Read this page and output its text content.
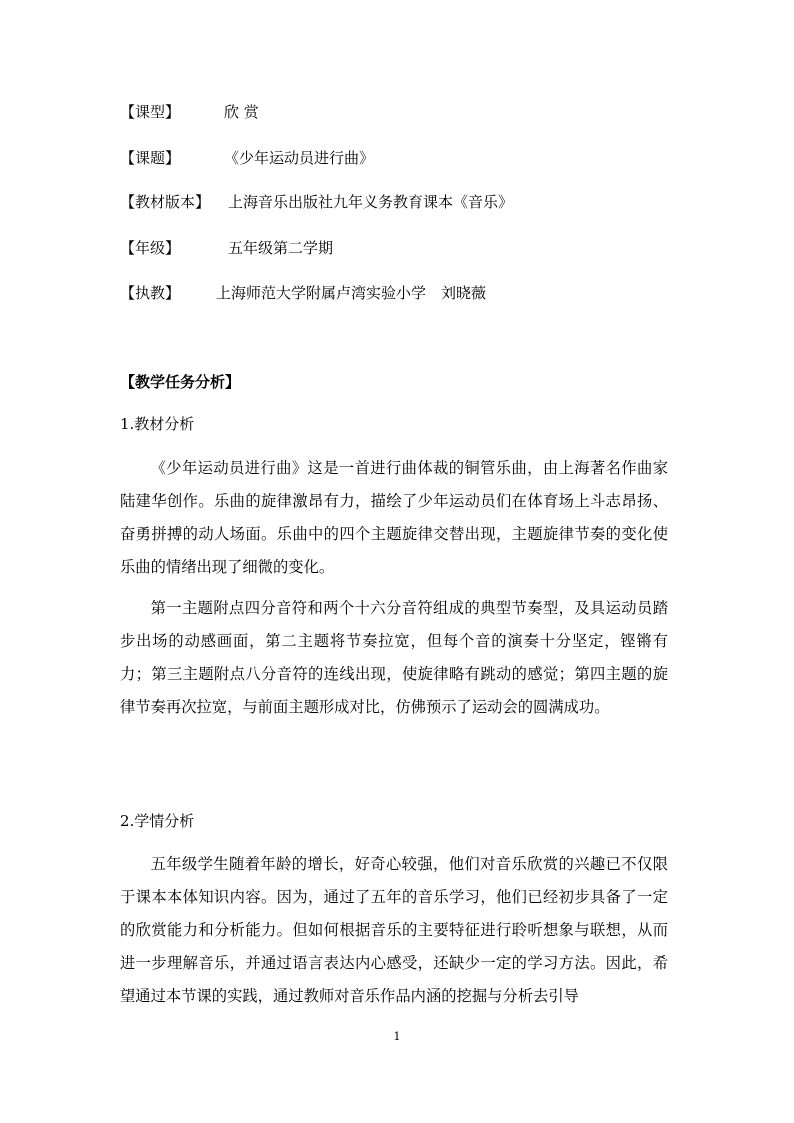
【课型】	欣 赏
【课题】	《少年运动员进行曲》
【教材版本】 上海音乐出版社九年义务教育课本《音乐》
【年级】	五年级第二学期
【执教】 上海师范大学附属卢湾实验小学　刘晓薇
【教学任务分析】
1.教材分析

《少年运动员进行曲》这是一首进行曲体裁的铜管乐曲，由上海著名作曲家陆建华创作。乐曲的旋律激昂有力，描绘了少年运动员们在体育场上斗志昂扬、奋勇拼搏的动人场面。乐曲中的四个主题旋律交替出现，主题旋律节奏的变化使乐曲的情绪出现了细微的变化。

第一主题附点四分音符和两个十六分音符组成的典型节奏型，及具运动员踏步出场的动感画面，第二主题将节奏拉宽，但每个音的演奏十分坚定，铿锵有力；第三主题附点八分音符的连线出现，使旋律略有跳动的感觉；第四主题的旋律节奏再次拉宽，与前面主题形成对比，仿佛预示了运动会的圆满成功。

2.学情分析

五年级学生随着年龄的增长，好奇心较强，他们对音乐欣赏的兴趣已不仅限于课本本体知识内容。因为，通过了五年的音乐学习，他们已经初步具备了一定的欣赏能力和分析能力。但如何根据音乐的主要特征进行聆听想象与联想，从而进一步理解音乐，并通过语言表达内心感受，还缺少一定的学习方法。因此，希望通过本节课的实践，通过教师对音乐作品内涵的挖掘与分析去引导

1
